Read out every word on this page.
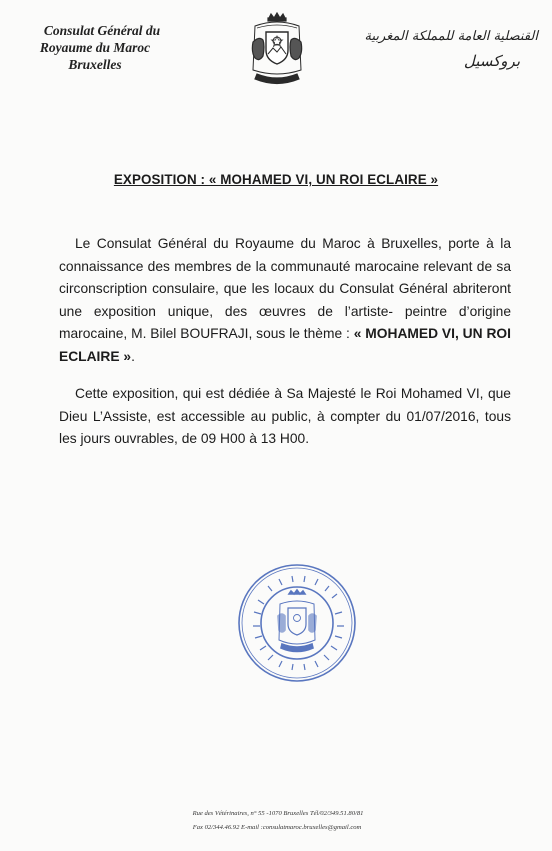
Consulat Général du
Royaume du Maroc
Bruxelles
القنصلية العامة للمملكة المغربية
بروكسيل
EXPOSITION : « MOHAMED VI, UN ROI ECLAIRE »

Le Consulat Général du Royaume du Maroc à Bruxelles, porte à la connaissance des membres de la communauté marocaine relevant de sa circonscription consulaire, que les locaux du Consulat Général abriteront une exposition unique, des œuvres de l’artiste- peintre d’origine marocaine, M. Bilel BOUFRAJI, sous le thème : « MOHAMED VI, UN ROI ECLAIRE ».

Cette exposition, qui est dédiée à Sa Majesté le Roi Mohamed VI, que Dieu L’Assiste, est accessible au public, à compter du 01/07/2016, tous les jours ouvrables, de 09 H00 à 13 H00.

Rue des Vétérinaires, n° 55 -1070 Bruxelles Tél/02/349.51.80/81
Fax 02/344.46.92 E-mail :consulatmaroc.bruxelles@gmail.com
